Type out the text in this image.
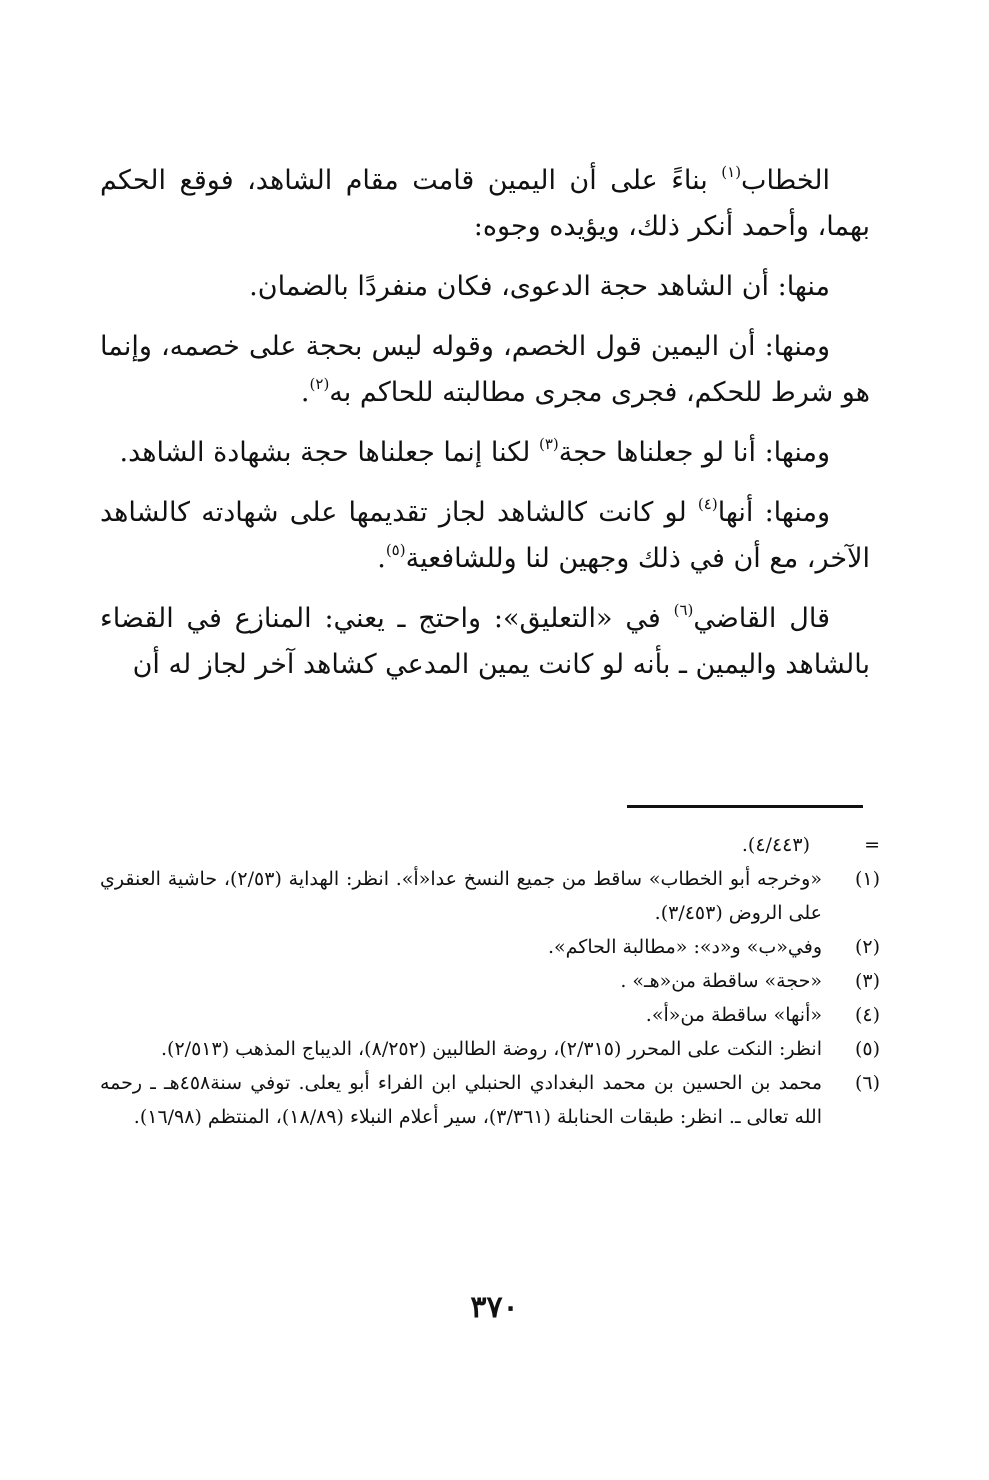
الخطاب$^{(١)}$ بناءً على أن اليمين قامت مقام الشاهد، فوقع الحكم بهما، وأحمد أنكر ذلك، ويؤيده وجوه:

منها: أن الشاهد حجة الدعوى، فكان منفردًا بالضمان.

ومنها: أن اليمين قول الخصم، وقوله ليس بحجة على خصمه، وإنما هو شرط للحكم، فجرى مجرى مطالبته للحاكم به$^{(٢)}$.

ومنها: أنا لو جعلناها حجة$^{(٣)}$ لكنا إنما جعلناها حجة بشهادة الشاهد.

ومنها: أنها$^{(٤)}$ لو كانت كالشاهد لجاز تقديمها على شهادته كالشاهد الآخر، مع أن في ذلك وجهين لنا وللشافعية$^{(٥)}$.

قال القاضي$^{(٦)}$ في «التعليق»: واحتج ـ يعني: المنازع في القضاء بالشاهد واليمين ـ بأنه لو كانت يمين المدعي كشاهد آخر لجاز له أن

=
(٤/٤٤٣).
(١)
«وخرجه أبو الخطاب» ساقط من جميع النسخ عدا«أ». انظر: الهداية (٢/٥٣)، حاشية العنقري على الروض (٣/٤٥٣).
(٢)
وفي«ب» و«د»: «مطالبة الحاكم».
(٣)
«حجة» ساقطة من«هـ» .
(٤)
«أنها» ساقطة من«أ».
(٥)
انظر: النكت على المحرر (٢/٣١٥)، روضة الطالبين (٨/٢٥٢)، الديباج المذهب (٢/٥١٣).
(٦)
محمد بن الحسين بن محمد البغدادي الحنبلي ابن الفراء أبو يعلى. توفي سنة٤٥٨هـ ـ رحمه الله تعالى ـ. انظر: طبقات الحنابلة (٣/٣٦١)، سير أعلام النبلاء (١٨/٨٩)، المنتظم (١٦/٩٨).
٣٧٠
